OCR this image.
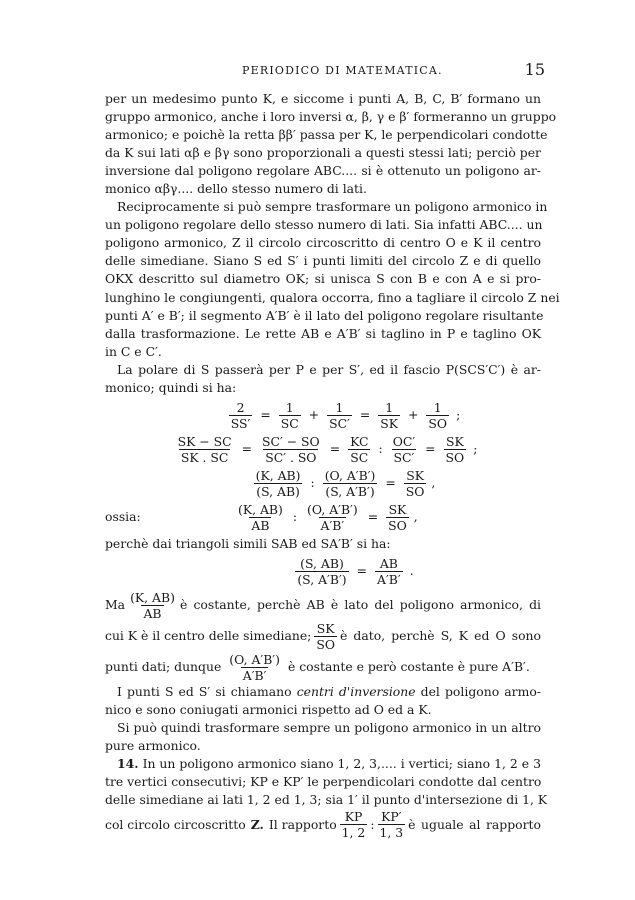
PERIODICO DI MATEMATICA.	15
per un medesimo punto K, e siccome i punti A, B, C, B′ formano un
gruppo armonico, anche i loro inversi α, β, γ e β′ formeranno un gruppo
armonico; e poichè la retta ββ′ passa per K, le perpendicolari condotte
da K sui lati αβ e βγ sono proporzionali a questi stessi lati; perciò per
inversione dal poligono regolare ABC.... si è ottenuto un poligono ar-
monico αβγ.... dello stesso numero di lati.
Reciprocamente si può sempre trasformare un poligono armonico in
un poligono regolare dello stesso numero di lati. Sia infatti ABC.... un
poligono armonico, Z il circolo circoscritto di centro O e K il centro
delle simediane. Siano S ed S′ i punti limiti del circolo Z e di quello
OKX descritto sul diametro OK; si unisca S con B e con A e si pro-
lunghino le congiungenti, qualora occorra, fino a tagliare il circolo Z nei
punti A′ e B′; il segmento A′B′ è il lato del poligono regolare risultante
dalla trasformazione. Le rette AB e A′B′ si taglino in P e taglino OK
in C e C′.
La polare di S passerà per P e per S′, ed il fascio P(SCS′C′) è ar-
monico; quindi si ha:
$\frac{2}{SS'} = \frac{1}{SC} + \frac{1}{SC'} = \frac{1}{SK} + \frac{1}{SO}$ ;
$\frac{SK - SC}{SK . SC} = \frac{SC' - SO}{SC' . SO} = \frac{KC}{SC}$ : $\frac{OC'}{SC'} = \frac{SK}{SO}$ ;
$\frac{(K, AB)}{(S, AB)}$ : $\frac{(O, A'B')}{(S, A'B')} = \frac{SK}{SO}$ ,
ossia:	$\frac{(K, AB)}{AB}$ : $\frac{(O, A'B')}{A'B'} = \frac{SK}{SO}$ ,
perchè dai triangoli simili SAB ed SA′B′ si ha:
$\frac{(S, AB)}{(S, A'B')} = \frac{AB}{A'B'}$ .
Ma $\frac{(K, AB)}{AB}$ è costante, perchè AB è lato del poligono armonico, di
cui K è il centro delle simediane; $\frac{SK}{SO}$ è dato, perchè S, K ed O sono
punti dati; dunque $\frac{(O, A'B')}{A'B'}$ è costante e però costante è pure A′B′.
I punti S ed S′ si chiamano centri d'inversione del poligono armo-
nico e sono coniugati armonici rispetto ad O ed a K.
Si può quindi trasformare sempre un poligono armonico in un altro
pure armonico.
14. In un poligono armonico siano 1, 2, 3,.... i vertici; siano 1, 2 e 3
tre vertici consecutivi; KP e KP′ le perpendicolari condotte dal centro
delle simediane ai lati 1, 2 ed 1, 3; sia 1′ il punto d'intersezione di 1, K
col circolo circoscritto Z. Il rapporto $\frac{KP}{1, 2}$ : $\frac{KP'}{1, 3}$ è uguale al rapporto
